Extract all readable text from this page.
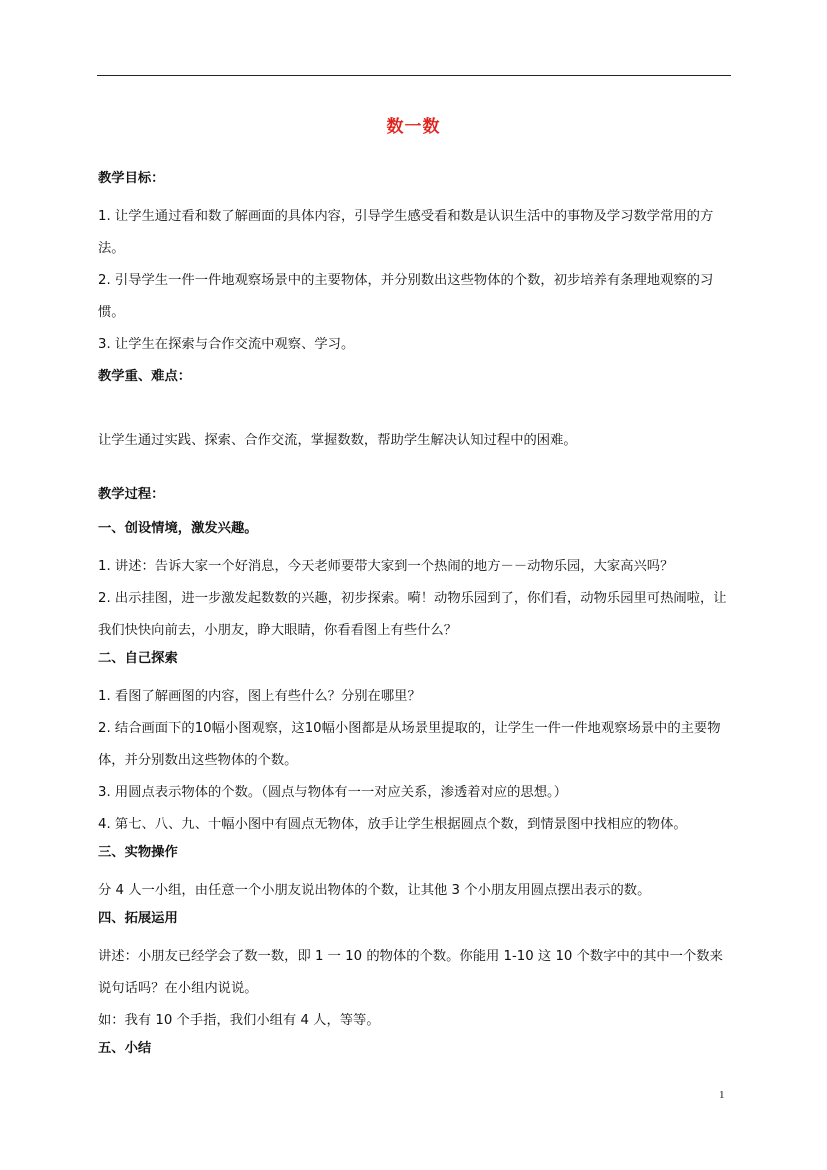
数一数
教学目标：
1. 让学生通过看和数了解画面的具体内容，引导学生感受看和数是认识生活中的事物及学习数学常用的方法。
2. 引导学生一件一件地观察场景中的主要物体，并分别数出这些物体的个数，初步培养有条理地观察的习惯。
3. 让学生在探索与合作交流中观察、学习。
教学重、难点：
让学生通过实践、探索、合作交流，掌握数数，帮助学生解决认知过程中的困难。
教学过程：
一、创设情境，激发兴趣。
1. 讲述：告诉大家一个好消息，今天老师要带大家到一个热闹的地方－－动物乐园，大家高兴吗？
2. 出示挂图，进一步激发起数数的兴趣，初步探索。嗬！动物乐园到了，你们看，动物乐园里可热闹啦，让我们快快向前去，小朋友，睁大眼睛，你看看图上有些什么？
二、自己探索
1. 看图了解画图的内容，图上有些什么？分别在哪里？
2. 结合画面下的10幅小图观察，这10幅小图都是从场景里提取的，让学生一件一件地观察场景中的主要物体，并分别数出这些物体的个数。
3. 用圆点表示物体的个数。（圆点与物体有一一对应关系，渗透着对应的思想。）
4. 第七、八、九、十幅小图中有圆点无物体，放手让学生根据圆点个数，到情景图中找相应的物体。
三、实物操作
分 4 人一小组，由任意一个小朋友说出物体的个数，让其他 3 个小朋友用圆点摆出表示的数。
四、拓展运用
讲述：小朋友已经学会了数一数，即 1 一 10 的物体的个数。你能用 1-10 这 10 个数字中的其中一个数来说句话吗？在小组内说说。
如：我有 10 个手指，我们小组有 4 人，等等。
五、小结
1
